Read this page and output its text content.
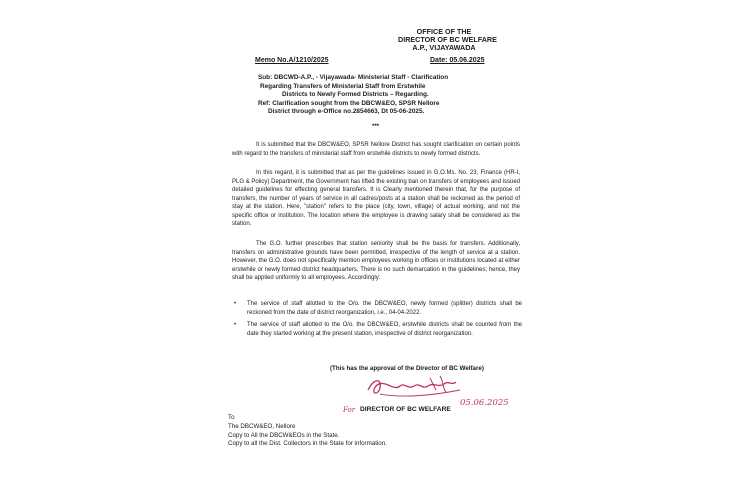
OFFICE OF THE
DIRECTOR OF BC WELFARE
A.P., VIJAYAWADA
Memo No.A/1210/2025	Date: 05.06.2025
Sub: DBCWD-A.P., - Vijayawada- Ministerial Staff - Clarification
Regarding Transfers of Ministerial Staff from Erstwhile
Districts to Newly Formed Districts – Regarding.
Ref: Clarification sought from the DBCW&EO, SPSR Nellore
District through e-Office no.2854663, Dt 05-06-2025.
***
It is submitted that the DBCW&EO, SPSR Nellore District has sought clarification on certain points with regard to the transfers of ministerial staff from erstwhile districts to newly formed districts.
In this regard, it is submitted that as per the guidelines issued in G.O.Ms. No. 23, Finance (HR-I, PLG & Policy) Department, the Government has lifted the existing ban on transfers of employees and issued detailed guidelines for effecting general transfers. It is Clearly mentioned therein that, for the purpose of transfers, the number of years of service in all cadres/posts at a station shall be reckoned as the period of stay at the station. Here, "station" refers to the place (city, town, village) of actual working, and not the specific office or institution. The location where the employee is drawing salary shall be considered as the station.
The G.O. further prescribes that station seniority shall be the basis for transfers. Additionally, transfers on administrative grounds have been permitted, irrespective of the length of service at a station. However, the G.O. does not specifically mention employees working in offices or institutions located at either erstwhile or newly formed district headquarters. There is no such demarcation in the guidelines; hence, they shall be applied uniformly to all employees. Accordingly:
• The service of staff allotted to the O/o. the DBCW&EO, newly formed (splitter) districts shall be reckoned from the date of district reorganization, i.e., 04-04-2022.
• The service of staff allotted to the O/o. the DBCW&EO, erstwhile districts shall be counted from the date they started working at the present station, irrespective of district reorganization.
(This has the approval of the Director of BC Welfare)
For DIRECTOR OF BC WELFARE
05.06.2025
To
The DBCW&EO, Nellore
Copy to All the DBCW&EOs in the State.
Copy to all the Dist. Collectors in the State for information.
